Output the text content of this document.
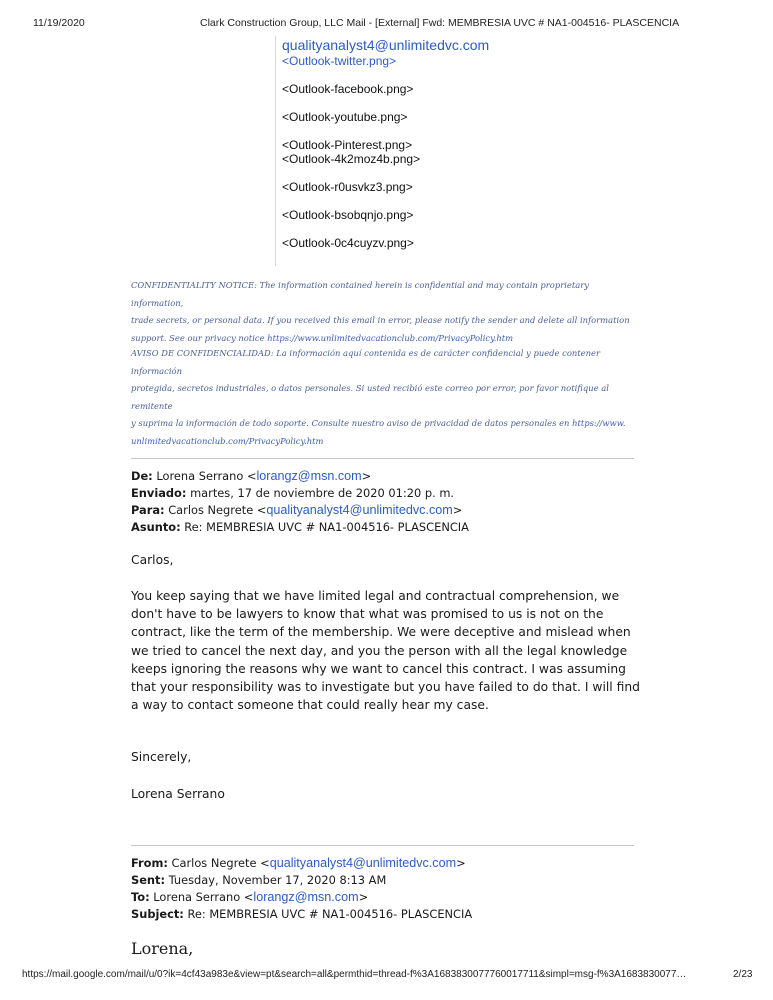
11/19/2020	Clark Construction Group, LLC Mail - [External] Fwd: MEMBRESIA UVC # NA1-004516- PLASCENCIA
qualityanalyst4@unlimitedvc.com
<Outlook-twitter.png>
<Outlook-facebook.png>
<Outlook-youtube.png>
<Outlook-Pinterest.png>
<Outlook-4k2moz4b.png>
<Outlook-r0usvkz3.png>
<Outlook-bsobqnjo.png>
<Outlook-0c4cuyzv.png>
CONFIDENTIALITY NOTICE: The information contained herein is confidential and may contain proprietary information,
trade secrets, or personal data. If you received this email in error, please notify the sender and delete all information
support. See our privacy notice https://www.unlimitedvacationclub.com/PrivacyPolicy.htm
AVISO DE CONFIDENCIALIDAD: La información aquí contenida es de carácter confidencial y puede contener información
protegida, secretos industriales, o datos personales. Si usted recibió este correo por error, por favor notifique al remitente
y suprima la información de todo soporte. Consulte nuestro aviso de privacidad de datos personales en https://www.
unlimitedvacationclub.com/PrivacyPolicy.htm
De: Lorena Serrano <lorangz@msn.com>
Enviado: martes, 17 de noviembre de 2020 01:20 p. m.
Para: Carlos Negrete <qualityanalyst4@unlimitedvc.com>
Asunto: Re: MEMBRESIA UVC # NA1-004516- PLASCENCIA
Carlos,
You keep saying that we have limited legal and contractual comprehension, we
don't have to be lawyers to know that what was promised to us is not on the
contract, like the term of the membership. We were deceptive and mislead when
we tried to cancel the next day, and you the person with all the legal knowledge
keeps ignoring the reasons why we want to cancel this contract. I was assuming
that your responsibility was to investigate but you have failed to do that. I will find
a way to contact someone that could really hear my case.
Sincerely,
Lorena Serrano
From: Carlos Negrete <qualityanalyst4@unlimitedvc.com>
Sent: Tuesday, November 17, 2020 8:13 AM
To: Lorena Serrano <lorangz@msn.com>
Subject: Re: MEMBRESIA UVC # NA1-004516- PLASCENCIA
Lorena,
https://mail.google.com/mail/u/0?ik=4cf43a983e&view=pt&search=all&permthid=thread-f%3A1683830077760017711&simpl=msg-f%3A1683830077…	2/23
